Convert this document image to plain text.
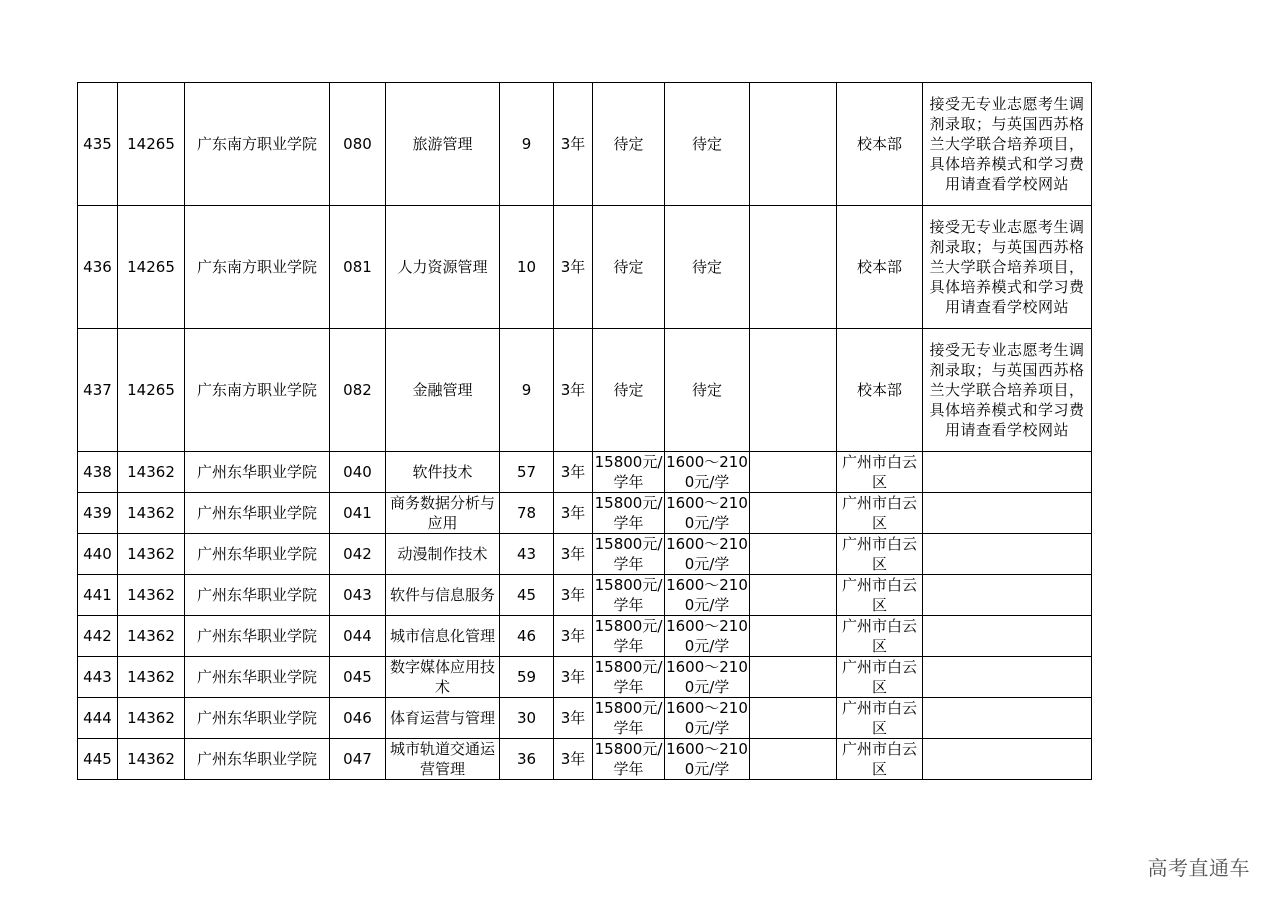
435	14265	广东南方职业学院	080	旅游管理	9	3年	待定	待定		校本部	接受无专业志愿考生调剂录取；与英国西苏格兰大学联合培养项目，具体培养模式和学习费用请查看学校网站
436	14265	广东南方职业学院	081	人力资源管理	10	3年	待定	待定		校本部	接受无专业志愿考生调剂录取；与英国西苏格兰大学联合培养项目，具体培养模式和学习费用请查看学校网站
437	14265	广东南方职业学院	082	金融管理	9	3年	待定	待定		校本部	接受无专业志愿考生调剂录取；与英国西苏格兰大学联合培养项目，具体培养模式和学习费用请查看学校网站
438	14362	广州东华职业学院	040	软件技术	57	3年	15800元/学年	1600～2100元/学		广州市白云区	
439	14362	广州东华职业学院	041	商务数据分析与应用	78	3年	15800元/学年	1600～2100元/学		广州市白云区	
440	14362	广州东华职业学院	042	动漫制作技术	43	3年	15800元/学年	1600～2100元/学		广州市白云区	
441	14362	广州东华职业学院	043	软件与信息服务	45	3年	15800元/学年	1600～2100元/学		广州市白云区	
442	14362	广州东华职业学院	044	城市信息化管理	46	3年	15800元/学年	1600～2100元/学		广州市白云区	
443	14362	广州东华职业学院	045	数字媒体应用技术	59	3年	15800元/学年	1600～2100元/学		广州市白云区	
444	14362	广州东华职业学院	046	体育运营与管理	30	3年	15800元/学年	1600～2100元/学		广州市白云区	
445	14362	广州东华职业学院	047	城市轨道交通运营管理	36	3年	15800元/学年	1600～2100元/学		广州市白云区	
高考直通车
